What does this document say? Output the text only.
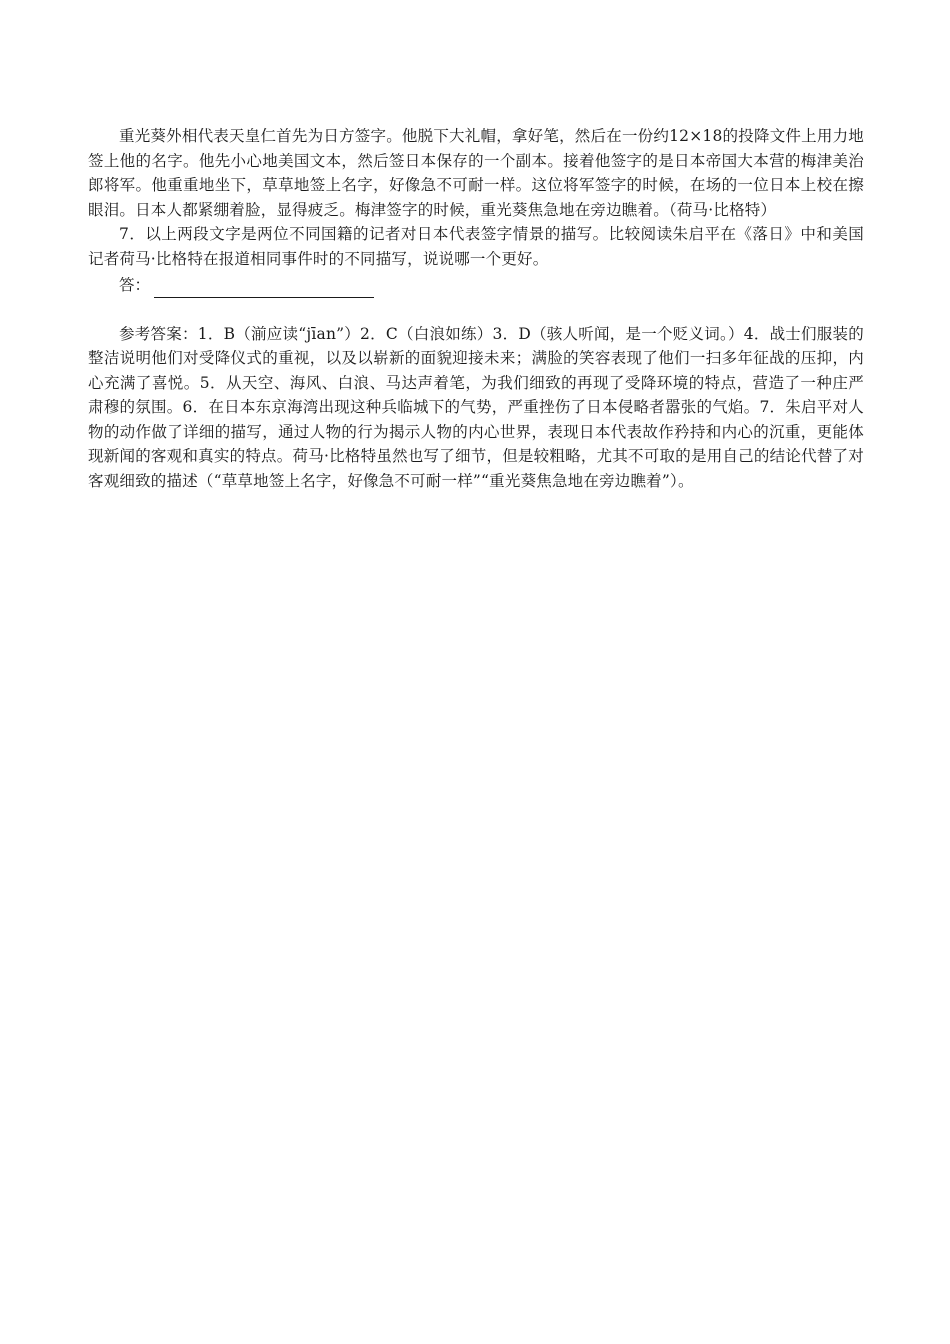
重光葵外相代表天皇仁首先为日方签字。他脱下大礼帽，拿好笔，然后在一份约12×18的投降文件上用力地签上他的名字。他先小心地美国文本，然后签日本保存的一个副本。接着他签字的是日本帝国大本营的梅津美治郎将军。他重重地坐下，草草地签上名字，好像急不可耐一样。这位将军签字的时候，在场的一位日本上校在擦眼泪。日本人都紧绷着脸，显得疲乏。梅津签字的时候，重光葵焦急地在旁边瞧着。（荷马·比格特）

7．以上两段文字是两位不同国籍的记者对日本代表签字情景的描写。比较阅读朱启平在《落日》中和美国记者荷马·比格特在报道相同事件时的不同描写，说说哪一个更好。

答：

参考答案：1．B（湔应读“jīan”）2．C（白浪如练）3．D（骇人听闻，是一个贬义词。）4．战士们服装的整洁说明他们对受降仪式的重视，以及以崭新的面貌迎接未来；满脸的笑容表现了他们一扫多年征战的压抑，内心充满了喜悦。5．从天空、海风、白浪、马达声着笔，为我们细致的再现了受降环境的特点，营造了一种庄严肃穆的氛围。6．在日本东京海湾出现这种兵临城下的气势，严重挫伤了日本侵略者嚣张的气焰。7．朱启平对人物的动作做了详细的描写，通过人物的行为揭示人物的内心世界，表现日本代表故作矜持和内心的沉重，更能体现新闻的客观和真实的特点。荷马·比格特虽然也写了细节，但是较粗略，尤其不可取的是用自己的结论代替了对客观细致的描述（“草草地签上名字，好像急不可耐一样”“重光葵焦急地在旁边瞧着”）。
